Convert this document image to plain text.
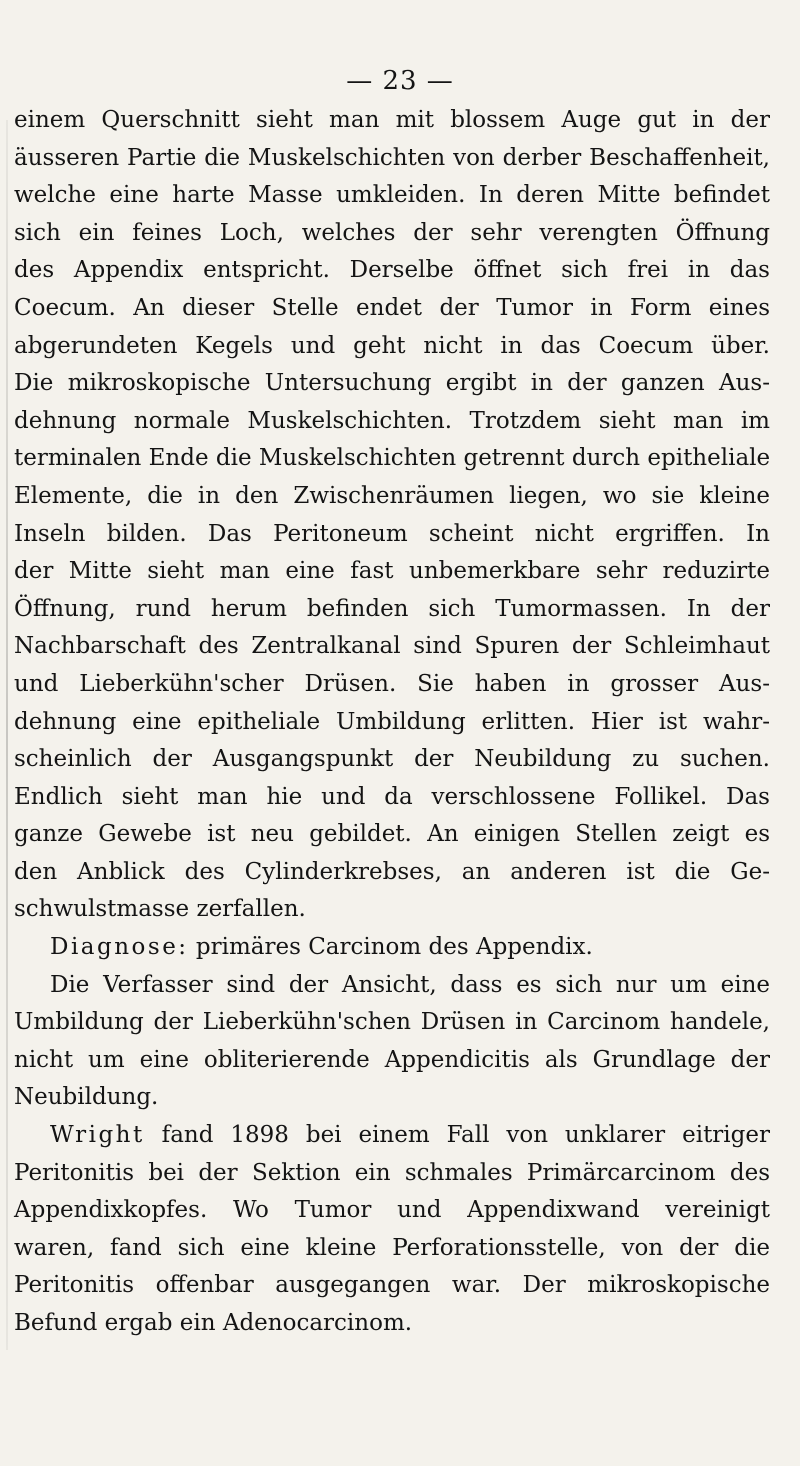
— 23 —
einem Querschnitt sieht man mit blossem Auge gut in der
äusseren Partie die Muskelschichten von derber Beschaffenheit,
welche eine harte Masse umkleiden. In deren Mitte befindet
sich ein feines Loch, welches der sehr verengten Öffnung
des Appendix entspricht. Derselbe öffnet sich frei in das
Coecum. An dieser Stelle endet der Tumor in Form eines
abgerundeten Kegels und geht nicht in das Coecum über.
Die mikroskopische Untersuchung ergibt in der ganzen Aus-
dehnung normale Muskelschichten. Trotzdem sieht man im
terminalen Ende die Muskelschichten getrennt durch epitheliale
Elemente, die in den Zwischenräumen liegen, wo sie kleine
Inseln bilden. Das Peritoneum scheint nicht ergriffen. In
der Mitte sieht man eine fast unbemerkbare sehr reduzirte
Öffnung, rund herum befinden sich Tumormassen. In der
Nachbarschaft des Zentralkanal sind Spuren der Schleimhaut
und Lieberkühn'scher Drüsen. Sie haben in grosser Aus-
dehnung eine epitheliale Umbildung erlitten. Hier ist wahr-
scheinlich der Ausgangspunkt der Neubildung zu suchen.
Endlich sieht man hie und da verschlossene Follikel. Das
ganze Gewebe ist neu gebildet. An einigen Stellen zeigt es
den Anblick des Cylinderkrebses, an anderen ist die Ge-
schwulstmasse zerfallen.
Diagnose: primäres Carcinom des Appendix.
Die Verfasser sind der Ansicht, dass es sich nur um eine
Umbildung der Lieberkühn'schen Drüsen in Carcinom handele,
nicht um eine obliterierende Appendicitis als Grundlage der
Neubildung.
Wright fand 1898 bei einem Fall von unklarer eitriger
Peritonitis bei der Sektion ein schmales Primärcarcinom des
Appendixkopfes. Wo Tumor und Appendixwand vereinigt
waren, fand sich eine kleine Perforationsstelle, von der die
Peritonitis offenbar ausgegangen war. Der mikroskopische
Befund ergab ein Adenocarcinom.
